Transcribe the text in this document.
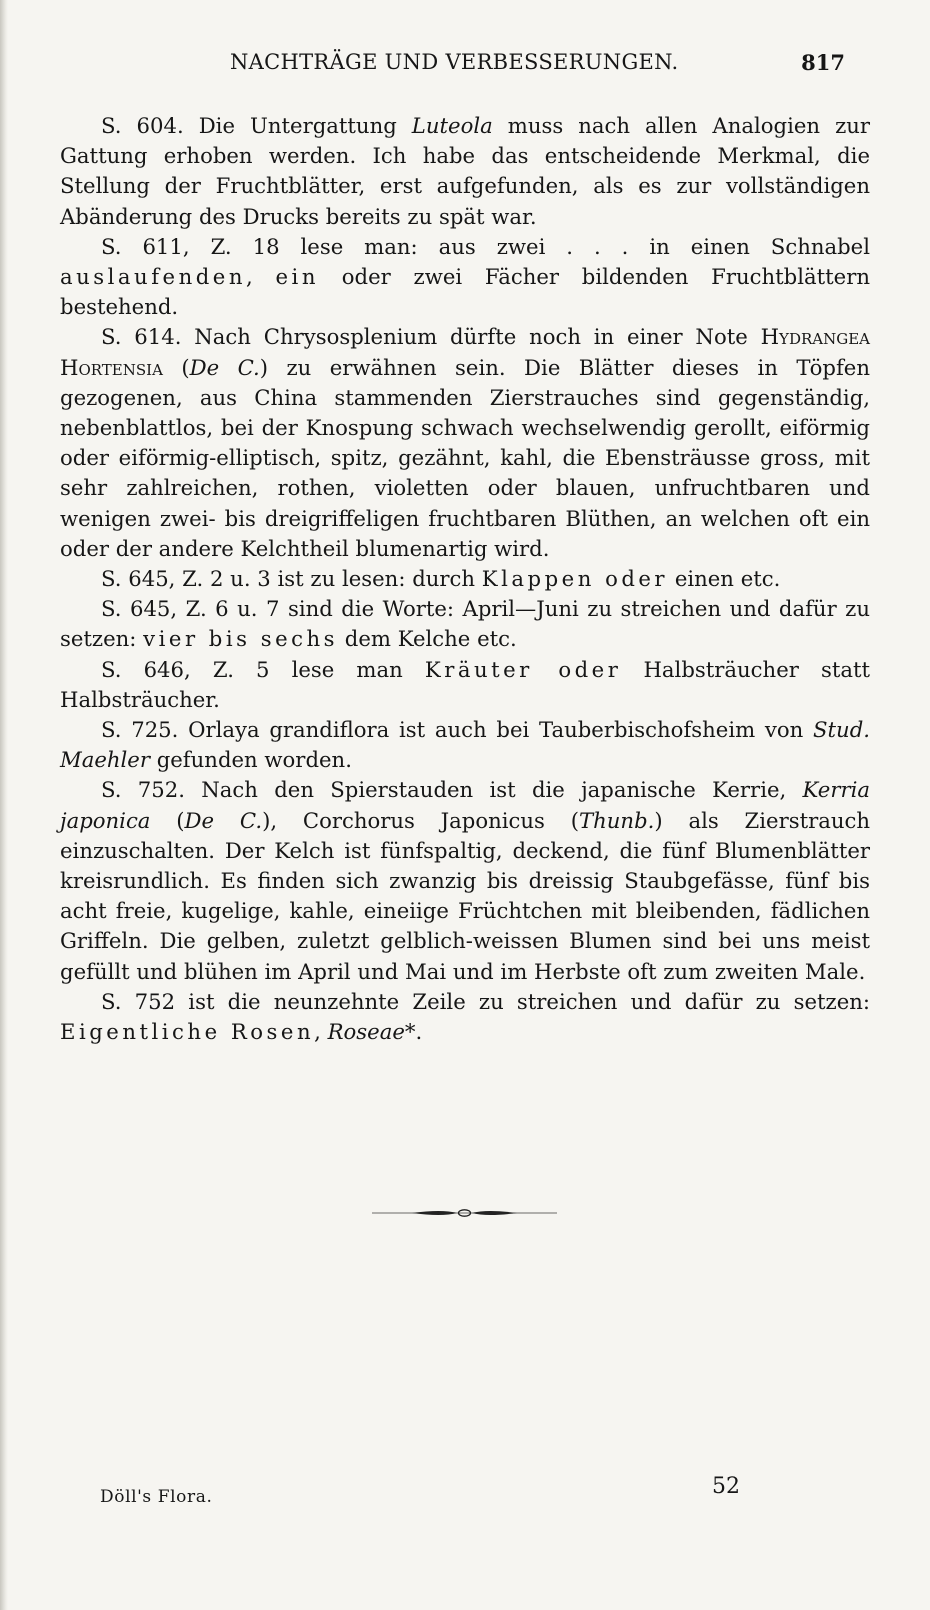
NACHTRÄGE UND VERBESSERUNGEN.	817

S. 604. Die Untergattung Luteola muss nach allen Analogien zur Gattung erhoben werden. Ich habe das entscheidende Merkmal, die Stellung der Fruchtblätter, erst aufgefunden, als es zur vollständigen Abänderung des Drucks bereits zu spät war.

S. 611, Z. 18 lese man: aus zwei . . . in einen Schnabel auslaufenden, ein oder zwei Fächer bildenden Fruchtblättern bestehend.

S. 614. Nach Chrysosplenium dürfte noch in einer Note Hydrangea Hortensia (De C.) zu erwähnen sein. Die Blätter dieses in Töpfen gezogenen, aus China stammenden Zierstrauches sind gegenständig, nebenblattlos, bei der Knospung schwach wechselwendig gerollt, eiförmig oder eiförmig-elliptisch, spitz, gezähnt, kahl, die Ebensträusse gross, mit sehr zahlreichen, rothen, violetten oder blauen, unfruchtbaren und wenigen zwei- bis dreigriffeligen fruchtbaren Blüthen, an welchen oft ein oder der andere Kelchtheil blumenartig wird.

S. 645, Z. 2 u. 3 ist zu lesen: durch Klappen oder einen etc.

S. 645, Z. 6 u. 7 sind die Worte: April—Juni zu streichen und dafür zu setzen: vier bis sechs dem Kelche etc.

S. 646, Z. 5 lese man Kräuter oder Halbsträucher statt Halbsträucher.

S. 725. Orlaya grandiflora ist auch bei Tauberbischofsheim von Stud. Maehler gefunden worden.

S. 752. Nach den Spierstauden ist die japanische Kerrie, Kerria japonica (De C.), Corchorus Japonicus (Thunb.) als Zierstrauch einzuschalten. Der Kelch ist fünfspaltig, deckend, die fünf Blumenblätter kreisrundlich. Es finden sich zwanzig bis dreissig Staubgefässe, fünf bis acht freie, kugelige, kahle, eineiige Früchtchen mit bleibenden, fädlichen Griffeln. Die gelben, zuletzt gelblich-weissen Blumen sind bei uns meist gefüllt und blühen im April und Mai und im Herbste oft zum zweiten Male.

S. 752 ist die neunzehnte Zeile zu streichen und dafür zu setzen: Eigentliche Rosen, Roseae*.

Döll's Flora.	52
